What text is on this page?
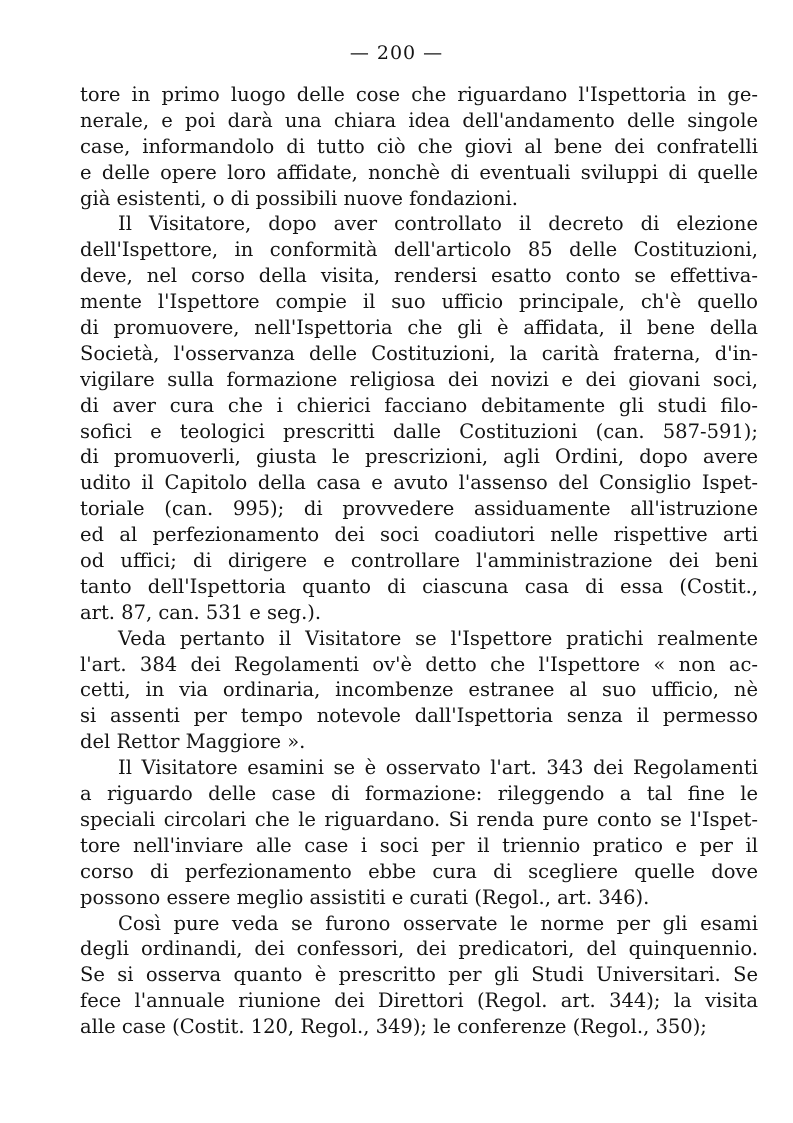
— 200 —
tore in primo luogo delle cose che riguardano l'Ispettoria in ge-
nerale, e poi darà una chiara idea dell'andamento delle singole
case, informandolo di tutto ciò che giovi al bene dei confratelli
e delle opere loro affidate, nonchè di eventuali sviluppi di quelle
già esistenti, o di possibili nuove fondazioni.
Il Visitatore, dopo aver controllato il decreto di elezione
dell'Ispettore, in conformità dell'articolo 85 delle Costituzioni,
deve, nel corso della visita, rendersi esatto conto se effettiva-
mente l'Ispettore compie il suo ufficio principale, ch'è quello
di promuovere, nell'Ispettoria che gli è affidata, il bene della
Società, l'osservanza delle Costituzioni, la carità fraterna, d'in-
vigilare sulla formazione religiosa dei novizi e dei giovani soci,
di aver cura che i chierici facciano debitamente gli studi filo-
sofici e teologici prescritti dalle Costituzioni (can. 587-591);
di promuoverli, giusta le prescrizioni, agli Ordini, dopo avere
udito il Capitolo della casa e avuto l'assenso del Consiglio Ispet-
toriale (can. 995); di provvedere assiduamente all'istruzione
ed al perfezionamento dei soci coadiutori nelle rispettive arti
od uffici; di dirigere e controllare l'amministrazione dei beni
tanto dell'Ispettoria quanto di ciascuna casa di essa (Costit.,
art. 87, can. 531 e seg.).
Veda pertanto il Visitatore se l'Ispettore pratichi realmente
l'art. 384 dei Regolamenti ov'è detto che l'Ispettore « non ac-
cetti, in via ordinaria, incombenze estranee al suo ufficio, nè
si assenti per tempo notevole dall'Ispettoria senza il permesso
del Rettor Maggiore ».
Il Visitatore esamini se è osservato l'art. 343 dei Regolamenti
a riguardo delle case di formazione: rileggendo a tal fine le
speciali circolari che le riguardano. Si renda pure conto se l'Ispet-
tore nell'inviare alle case i soci per il triennio pratico e per il
corso di perfezionamento ebbe cura di scegliere quelle dove
possono essere meglio assistiti e curati (Regol., art. 346).
Così pure veda se furono osservate le norme per gli esami
degli ordinandi, dei confessori, dei predicatori, del quinquennio.
Se si osserva quanto è prescritto per gli Studi Universitari. Se
fece l'annuale riunione dei Direttori (Regol. art. 344); la visita
alle case (Costit. 120, Regol., 349); le conferenze (Regol., 350);
